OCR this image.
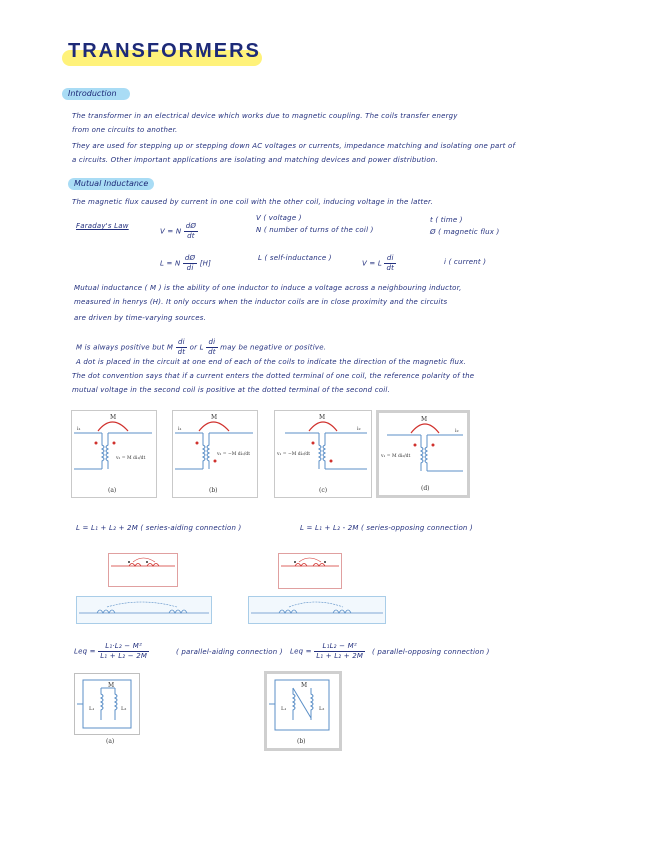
TRANSFORMERS
Introduction
The transformer in an electrical device which works due to magnetic coupling. The coils transfer energy
from one circuits to another.
They are used for stepping up or stepping down AC voltages or currents, impedance matching and isolating one part of
a circuits. Other important applications are isolating and matching devices and power distribution.
Mutual Inductance
The magnetic flux caused by current in one coil with the other coil, inducing voltage in the latter.
Faraday's Law
V = N $\frac{dØ}{dt}$
V ( voltage )
N ( number of turns of the coil )
t ( time )
Ø ( magnetic flux )
L = N $\frac{dØ}{di} [H]$
L ( self-inductance )
V = L $\frac{di}{dt}$	i ( current )
Mutual inductance ( M ) is the ability of one inductor to induce a voltage across a neighbouring inductor,
measured in henrys (H). It only occurs when the inductor coils are in close proximity and the circuits
are driven by time-varying sources.
M is always positive but M $\frac{di}{dt}$ or L $\frac{di}{dt}$ may be negative or positive.
A dot is placed in the circuit at one end of each of the coils to indicate the direction of the magnetic flux.
The dot convention says that if a current enters the dotted terminal of one coil, the reference polarity of the
mutual voltage in the second coil is positive at the dotted terminal of the second coil.
M
i₁
v₂ = M di₁/dt
(a)
M
i₁
v₂ = −M di₁/dt
(b)
M
i₂
v₁ = −M di₂/dt
(c)
M
i₂
v₁ = M di₂/dt
(d)
L = L₁ + L₂ + 2M ( series-aiding connection )	L = L₁ + L₂ - 2M ( series-opposing connection )
Leq = $\frac{\text{L₁·L₂ − M²}}{\text{L₁ + L₂ − 2M}}$	( parallel-aiding connection ) Leq = $\frac{\text{L₁L₂ − M²}}{\text{L₁ + L₂ + 2M}}$ ( parallel-opposing connection )
M
L₁	L₂
(a)
M
L₁	L₂
(b)
